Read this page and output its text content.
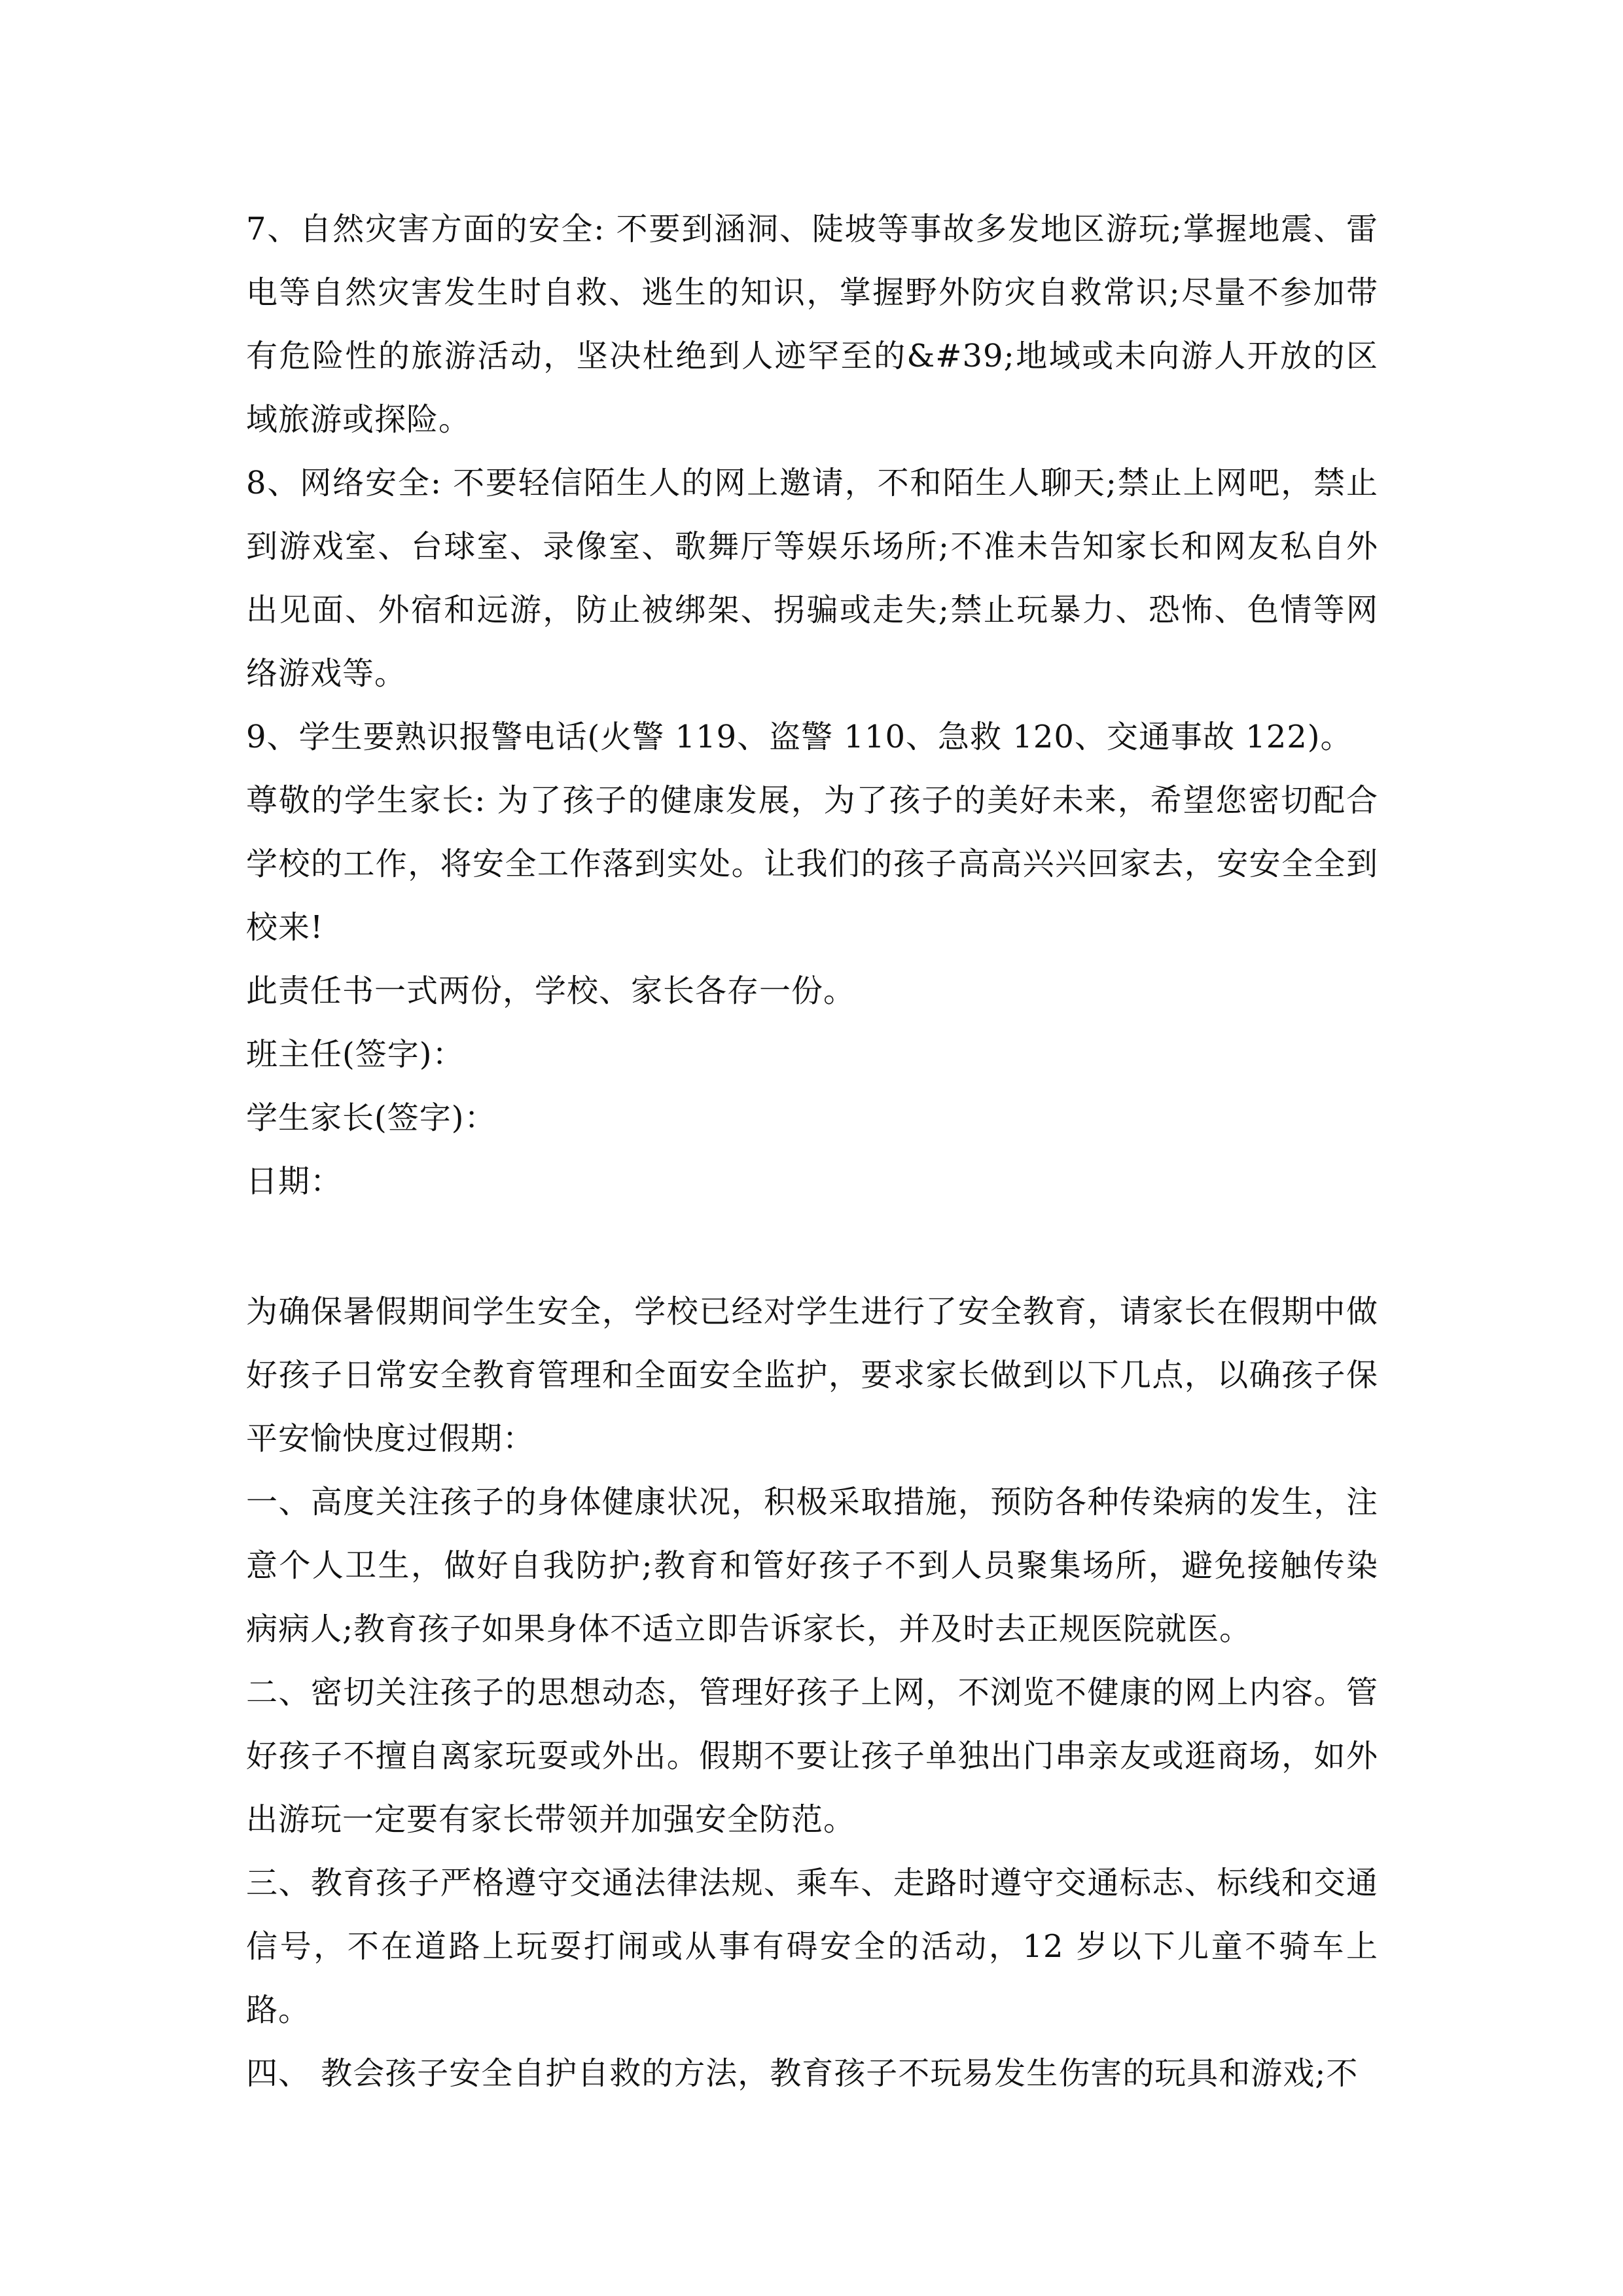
7、自然灾害方面的安全: 不要到涵洞、陡坡等事故多发地区游玩;掌握地震、雷电等自然灾害发生时自救、逃生的知识，掌握野外防灾自救常识;尽量不参加带有危险性的旅游活动，坚决杜绝到人迹罕至的&#39;地域或未向游人开放的区域旅游或探险。

8、网络安全: 不要轻信陌生人的网上邀请，不和陌生人聊天;禁止上网吧，禁止到游戏室、台球室、录像室、歌舞厅等娱乐场所;不准未告知家长和网友私自外出见面、外宿和远游，防止被绑架、拐骗或走失;禁止玩暴力、恐怖、色情等网络游戏等。

9、学生要熟识报警电话(火警 119、盗警 110、急救 120、交通事故 122)。

尊敬的学生家长: 为了孩子的健康发展，为了孩子的美好未来，希望您密切配合学校的工作，将安全工作落到实处。让我们的孩子高高兴兴回家去，安安全全到校来!

此责任书一式两份，学校、家长各存一份。

班主任(签字)：

学生家长(签字)：

日期：

为确保暑假期间学生安全，学校已经对学生进行了安全教育，请家长在假期中做好孩子日常安全教育管理和全面安全监护，要求家长做到以下几点，以确孩子保平安愉快度过假期：

一、高度关注孩子的身体健康状况，积极采取措施，预防各种传染病的发生，注意个人卫生，做好自我防护;教育和管好孩子不到人员聚集场所，避免接触传染病病人;教育孩子如果身体不适立即告诉家长，并及时去正规医院就医。

二、密切关注孩子的思想动态，管理好孩子上网，不浏览不健康的网上内容。管好孩子不擅自离家玩耍或外出。假期不要让孩子单独出门串亲友或逛商场，如外出游玩一定要有家长带领并加强安全防范。

三、教育孩子严格遵守交通法律法规、乘车、走路时遵守交通标志、标线和交通信号，不在道路上玩耍打闹或从事有碍安全的活动，12 岁以下儿童不骑车上路。

四、 教会孩子安全自护自救的方法，教育孩子不玩易发生伤害的玩具和游戏;不
